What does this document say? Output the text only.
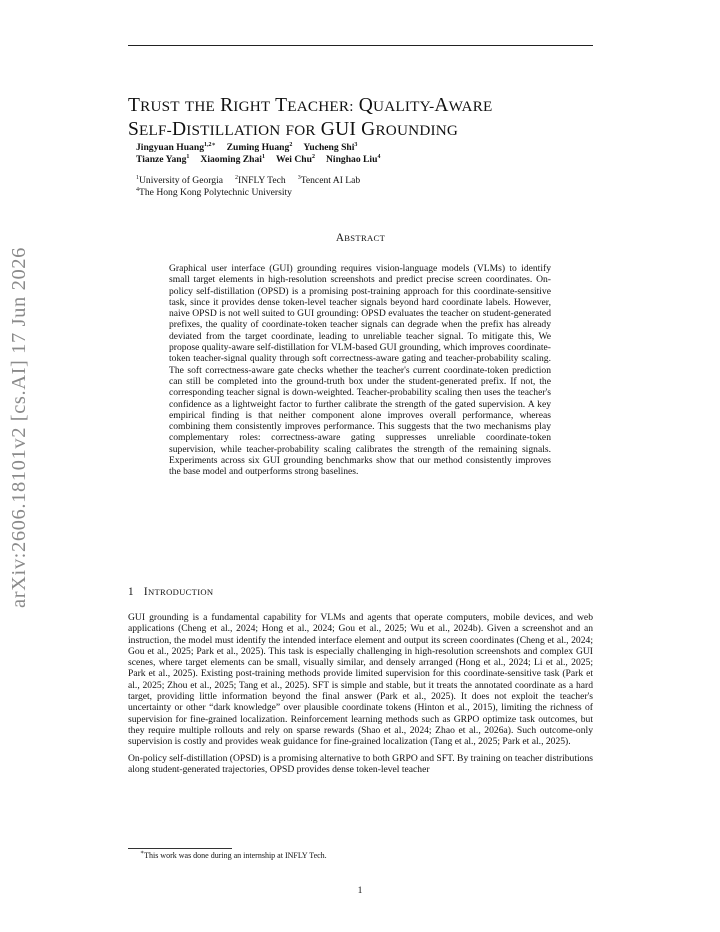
arXiv:2606.18101v2 [cs.AI] 17 Jun 2026
TRUST THE RIGHT TEACHER: QUALITY-AWARE
SELF-DISTILLATION FOR GUI GROUNDING
Jingyuan Huang$^{1,2∗}$ Zuming Huang$^2$ Yucheng Shi$^3$
Tianze Yang$^1$ Xiaoming Zhai$^1$ Wei Chu$^2$ Ninghao Liu$^4$
$^1$University of Georgia $^2$INFLY Tech $^3$Tencent AI Lab
$^4$The Hong Kong Polytechnic University
ABSTRACT
Graphical user interface (GUI) grounding requires vision-language models (VLMs) to identify small target elements in high-resolution screenshots and predict precise screen coordinates. On-policy self-distillation (OPSD) is a promising post-training approach for this coordinate-sensitive task, since it provides dense token-level teacher signals beyond hard coordinate labels. However, naive OPSD is not well suited to GUI grounding: OPSD evaluates the teacher on student-generated prefixes, the quality of coordinate-token teacher signals can degrade when the prefix has already deviated from the target coordinate, leading to unreliable teacher signal. To mitigate this, We propose quality-aware self-distillation for VLM-based GUI grounding, which improves coordinate-token teacher-signal quality through soft correctness-aware gating and teacher-probability scaling. The soft correctness-aware gate checks whether the teacher's current coordinate-token prediction can still be completed into the ground-truth box under the student-generated prefix. If not, the corresponding teacher signal is down-weighted. Teacher-probability scaling then uses the teacher's confidence as a lightweight factor to further calibrate the strength of the gated supervision. A key empirical finding is that neither component alone improves overall performance, whereas combining them consistently improves performance. This suggests that the two mechanisms play complementary roles: correctness-aware gating suppresses unreliable coordinate-token supervision, while teacher-probability scaling calibrates the strength of the remaining signals. Experiments across six GUI grounding benchmarks show that our method consistently improves the base model and outperforms strong baselines.
1 INTRODUCTION

GUI grounding is a fundamental capability for VLMs and agents that operate computers, mobile devices, and web applications (Cheng et al., 2024; Hong et al., 2024; Gou et al., 2025; Wu et al., 2024b). Given a screenshot and an instruction, the model must identify the intended interface element and output its screen coordinates (Cheng et al., 2024; Gou et al., 2025; Park et al., 2025). This task is especially challenging in high-resolution screenshots and complex GUI scenes, where target elements can be small, visually similar, and densely arranged (Hong et al., 2024; Li et al., 2025; Park et al., 2025). Existing post-training methods provide limited supervision for this coordinate-sensitive task (Park et al., 2025; Zhou et al., 2025; Tang et al., 2025). SFT is simple and stable, but it treats the annotated coordinate as a hard target, providing little information beyond the final answer (Park et al., 2025). It does not exploit the teacher's uncertainty or other “dark knowledge” over plausible coordinate tokens (Hinton et al., 2015), limiting the richness of supervision for fine-grained localization. Reinforcement learning methods such as GRPO optimize task outcomes, but they require multiple rollouts and rely on sparse rewards (Shao et al., 2024; Zhao et al., 2026a). Such outcome-only supervision is costly and provides weak guidance for fine-grained localization (Tang et al., 2025; Park et al., 2025).

On-policy self-distillation (OPSD) is a promising alternative to both GRPO and SFT. By training on teacher distributions along student-generated trajectories, OPSD provides dense token-level teacher

∗This work was done during an internship at INFLY Tech.
1
